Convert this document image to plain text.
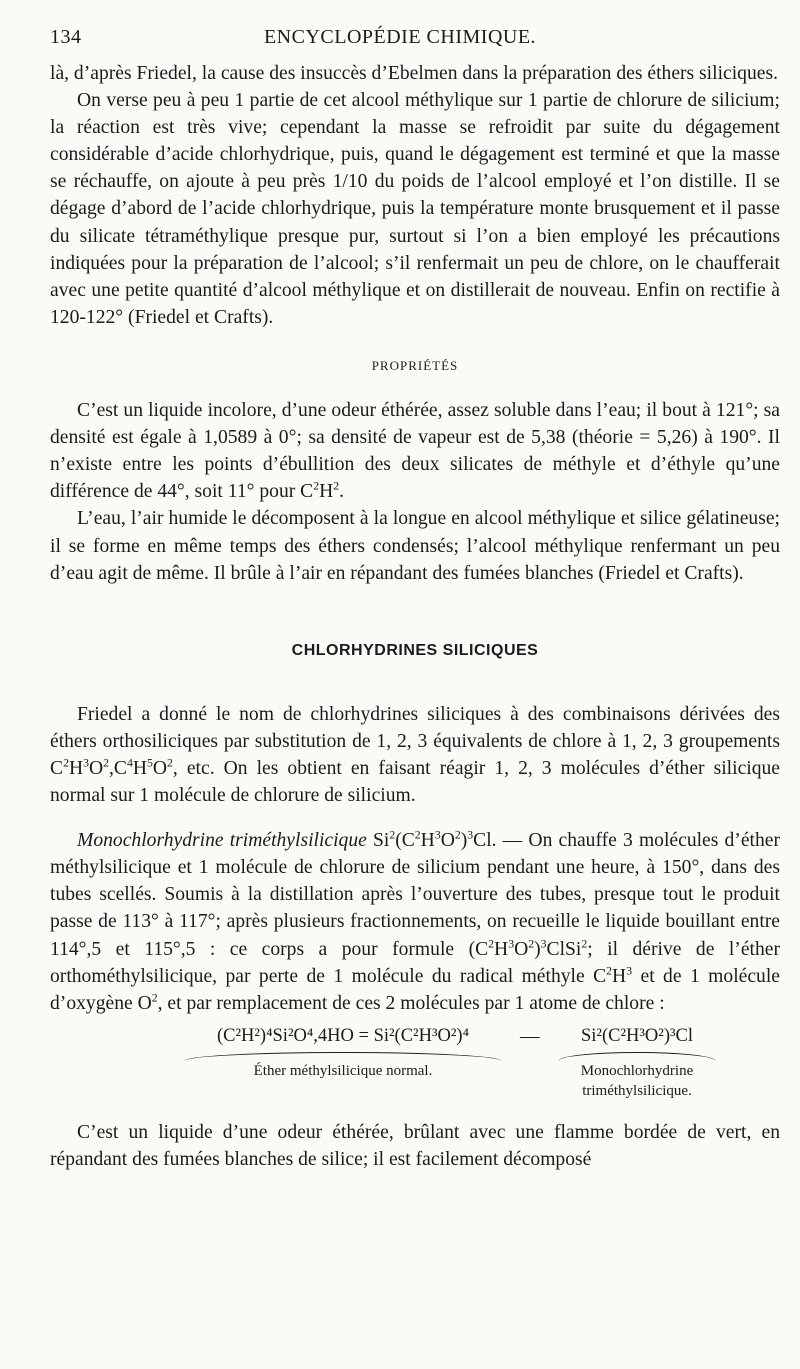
134	ENCYCLOPÉDIE CHIMIQUE.

là, d’après Friedel, la cause des insuccès d’Ebelmen dans la préparation des éthers siliciques.

On verse peu à peu 1 partie de cet alcool méthylique sur 1 partie de chlorure de silicium; la réaction est très vive; cependant la masse se refroidit par suite du dégagement considérable d’acide chlorhydrique, puis, quand le dégagement est terminé et que la masse se réchauffe, on ajoute à peu près 1/10 du poids de l’alcool employé et l’on distille. Il se dégage d’abord de l’acide chlorhydrique, puis la température monte brusquement et il passe du silicate tétraméthylique presque pur, surtout si l’on a bien employé les précautions indiquées pour la préparation de l’alcool; s’il renfermait un peu de chlore, on le chaufferait avec une petite quantité d’alcool méthylique et on distillerait de nouveau. Enfin on rectifie à 120-122° (Friedel et Crafts).

PROPRIÉTÉS

C’est un liquide incolore, d’une odeur éthérée, assez soluble dans l’eau; il bout à 121°; sa densité est égale à 1,0589 à 0°; sa densité de vapeur est de 5,38 (théorie = 5,26) à 190°. Il n’existe entre les points d’ébullition des deux silicates de méthyle et d’éthyle qu’une différence de 44°, soit 11° pour $C^2H^2$.

L’eau, l’air humide le décomposent à la longue en alcool méthylique et silice gélatineuse; il se forme en même temps des éthers condensés; l’alcool méthylique renfermant un peu d’eau agit de même. Il brûle à l’air en répandant des fumées blanches (Friedel et Crafts).

CHLORHYDRINES SILICIQUES

Friedel a donné le nom de chlorhydrines siliciques à des combinaisons dérivées des éthers orthosiliciques par substitution de 1, 2, 3 équivalents de chlore à 1, 2, 3 groupements $C^2H^3O^2,C^4H^5O^2$, etc. On les obtient en faisant réagir 1, 2, 3 molécules d’éther silicique normal sur 1 molécule de chlorure de silicium.

Monochlorhydrine triméthylsilicique $Si^2(C^2H^3O^2)^3Cl$. — On chauffe 3 molécules d’éther méthylsilicique et 1 molécule de chlorure de silicium pendant une heure, à 150°, dans des tubes scellés. Soumis à la distillation après l’ouverture des tubes, presque tout le produit passe de 113° à 117°; après plusieurs fractionnements, on recueille le liquide bouillant entre 114°,5 et 115°,5 : ce corps a pour formule $(C^2H^3O^2)^3ClSi^2$; il dérive de l’éther orthométhylsilicique, par perte de 1 molécule du radical méthyle $C^2H^3$ et de 1 molécule d’oxygène $O^2$, et par remplacement de ces 2 molécules par 1 atome de chlore :

(C²H²)⁴Si²O⁴,4HO = Si²(C²H³O²)⁴
Éther méthylsilicique normal.
—	Si²(C²H³O²)³Cl
Monochlorhydrine triméthylsilicique.

C’est un liquide d’une odeur éthérée, brûlant avec une flamme bordée de vert, en répandant des fumées blanches de silice; il est facilement décomposé
